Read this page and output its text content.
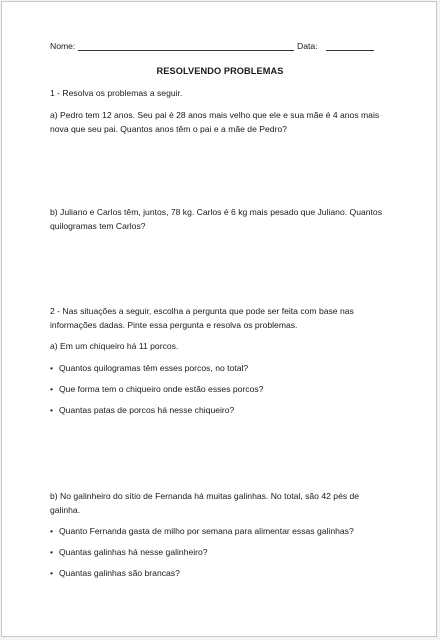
Nome:	Data:
RESOLVENDO PROBLEMAS
1 - Resolva os problemas a seguir.
a) Pedro tem 12 anos. Seu pai é 28 anos mais velho que ele e sua mãe é 4 anos mais
nova que seu pai. Quantos anos têm o pai e a mãe de Pedro?
b) Juliano e Carlos têm, juntos, 78 kg. Carlos é 6 kg mais pesado que Juliano. Quantos
quilogramas tem Carlos?
2 - Nas situações a seguir, escolha a pergunta que pode ser feita com base nas
informações dadas. Pinte essa pergunta e resolva os problemas.
a) Em um chiqueiro há 11 porcos.
• Quantos quilogramas têm esses porcos, no total?
• Que forma tem o chiqueiro onde estão esses porcos?
• Quantas patas de porcos há nesse chiqueiro?
b) No galinheiro do sítio de Fernanda há muitas galinhas. No total, são 42 pés de
galinha.
• Quanto Fernanda gasta de milho por semana para alimentar essas galinhas?
• Quantas galinhas há nesse galinheiro?
• Quantas galinhas são brancas?
